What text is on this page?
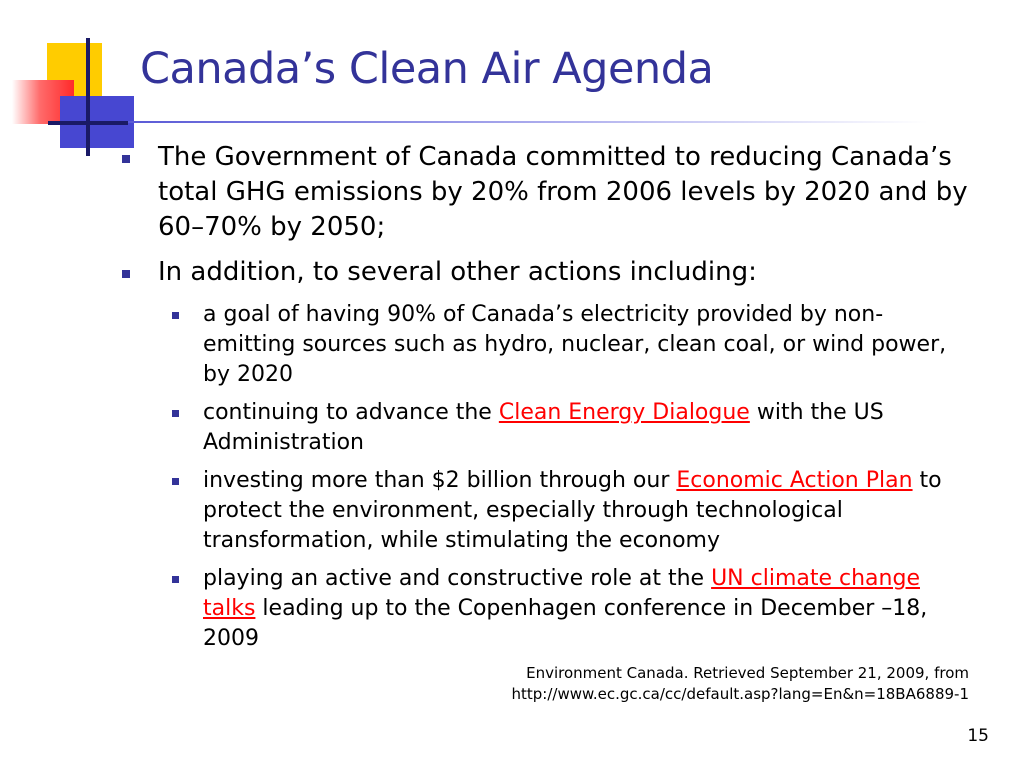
Canada’s Clean Air Agenda
The Government of Canada committed to reducing Canada’s total GHG emissions by 20% from 2006 levels by 2020 and by 60–70% by 2050;
In addition, to several other actions including:
a goal of having 90% of Canada’s electricity provided by non-emitting sources such as hydro, nuclear, clean coal, or wind power, by 2020
continuing to advance the Clean Energy Dialogue with the US Administration
investing more than $2 billion through our Economic Action Plan to protect the environment, especially through technological transformation, while stimulating the economy
playing an active and constructive role at the UN climate change talks leading up to the Copenhagen conference in December –18, 2009
Environment Canada. Retrieved September 21, 2009, from
http://www.ec.gc.ca/cc/default.asp?lang=En&n=18BA6889-1
15
